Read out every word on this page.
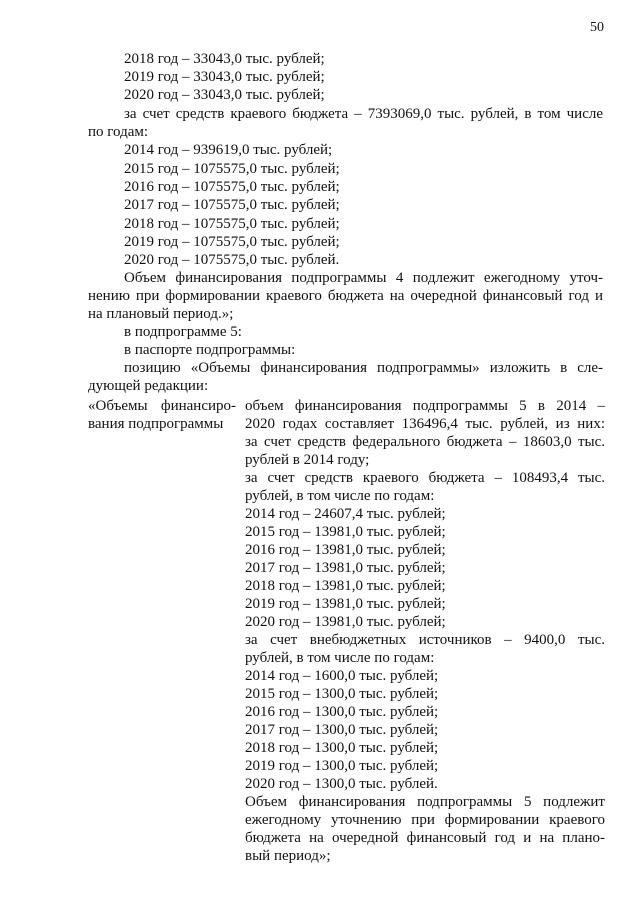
50
2018 год – 33043,0 тыс. рублей;
2019 год – 33043,0 тыс. рублей;
2020 год – 33043,0 тыс. рублей;
за счет средств краевого бюджета – 7393069,0 тыс. рублей, в том числе
по годам:
2014 год – 939619,0 тыс. рублей;
2015 год – 1075575,0 тыс. рублей;
2016 год – 1075575,0 тыс. рублей;
2017 год – 1075575,0 тыс. рублей;
2018 год – 1075575,0 тыс. рублей;
2019 год – 1075575,0 тыс. рублей;
2020 год – 1075575,0 тыс. рублей.
Объем финансирования подпрограммы 4 подлежит ежегодному уточ-
нению при формировании краевого бюджета на очередной финансовый год и
на плановый период.»;
в подпрограмме 5:
в паспорте подпрограммы:
позицию «Объемы финансирования подпрограммы» изложить в сле-
дующей редакции:
«Объемы финансиро-
вания подпрограммы
объем финансирования подпрограммы 5 в 2014 –
2020 годах составляет 136496,4 тыс. рублей, из них:
за счет средств федерального бюджета – 18603,0 тыс.
рублей в 2014 году;
за счет средств краевого бюджета – 108493,4 тыс.
рублей, в том числе по годам:
2014 год – 24607,4 тыс. рублей;
2015 год – 13981,0 тыс. рублей;
2016 год – 13981,0 тыс. рублей;
2017 год – 13981,0 тыс. рублей;
2018 год – 13981,0 тыс. рублей;
2019 год – 13981,0 тыс. рублей;
2020 год – 13981,0 тыс. рублей;
за счет внебюджетных источников – 9400,0 тыс.
рублей, в том числе по годам:
2014 год – 1600,0 тыс. рублей;
2015 год – 1300,0 тыс. рублей;
2016 год – 1300,0 тыс. рублей;
2017 год – 1300,0 тыс. рублей;
2018 год – 1300,0 тыс. рублей;
2019 год – 1300,0 тыс. рублей;
2020 год – 1300,0 тыс. рублей.
Объем финансирования подпрограммы 5 подлежит
ежегодному уточнению при формировании краевого
бюджета на очередной финансовый год и на плано-
вый период»;
